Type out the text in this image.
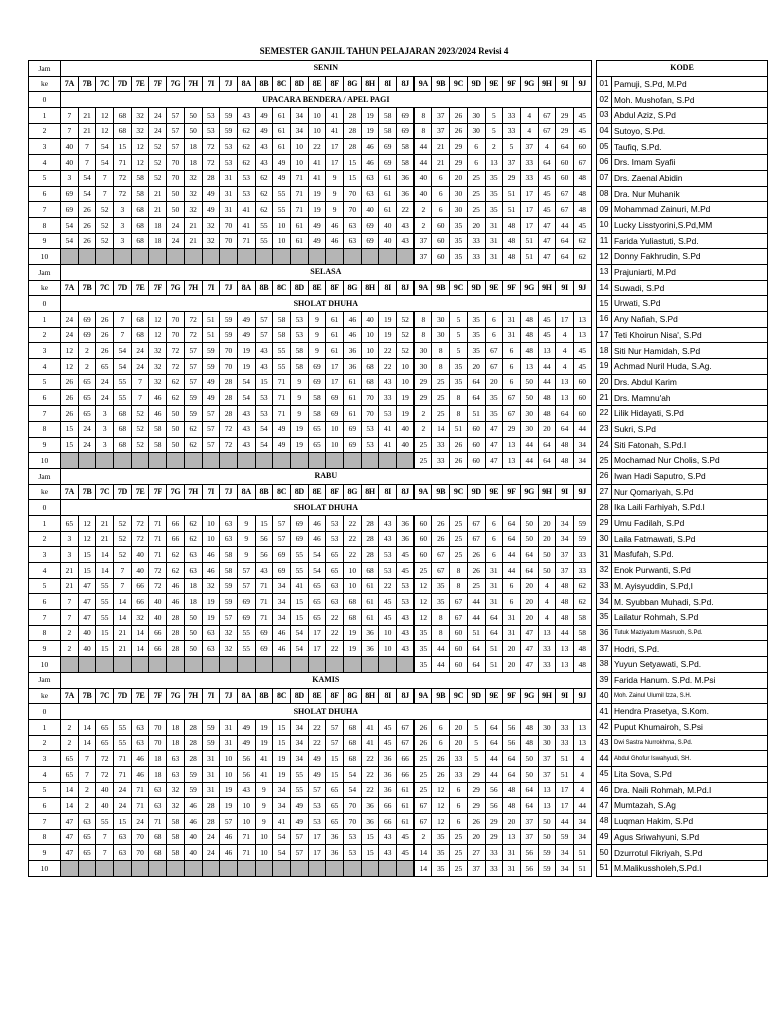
SEMESTER GANJIL TAHUN PELAJARAN 2023/2024 Revisi 4
Jam	SENIN																													
ke	7A	7B	7C	7D	7E	7F	7G	7H	7I	7J	8A	8B	8C	8D	8E	8F	8G	8H	8I	8J	9A	9B	9C	9D	9E	9F	9G	9H	9I	9J
0	UPACARA BENDERA / APEL PAGI																													
1	7	21	12	68	32	24	57	50	53	59	43	49	61	34	10	41	28	19	58	69	8	37	26	30	5	33	4	67	29	45
2	7	21	12	68	32	24	57	50	53	59	62	49	61	34	10	41	28	19	58	69	8	37	26	30	5	33	4	67	29	45
3	40	7	54	15	12	52	57	18	72	53	62	43	61	10	22	17	28	46	69	58	44	21	29	6	2	5	37	4	64	60
4	40	7	54	71	12	52	70	18	72	53	62	43	49	10	41	17	15	46	69	58	44	21	29	6	13	37	33	64	60	67
5	3	54	7	72	58	52	70	32	28	31	53	62	49	71	41	9	15	63	61	36	40	6	20	25	35	29	33	45	60	48
6	69	54	7	72	58	21	50	32	49	31	53	62	55	71	19	9	70	63	61	36	40	6	30	25	35	51	17	45	67	48
7	69	26	52	3	68	21	50	32	49	31	41	62	55	71	19	9	70	40	61	22	2	6	30	25	35	51	17	45	67	48
8	54	26	52	3	68	18	24	21	32	70	41	55	10	61	49	46	63	69	40	43	2	60	35	20	31	48	17	47	44	45
9	54	26	52	3	68	18	24	21	32	70	71	55	10	61	49	46	63	69	40	43	37	60	35	33	31	48	51	47	64	62
10																					37	60	35	33	31	48	51	47	64	62
Jam	SELASA																													
ke	7A	7B	7C	7D	7E	7F	7G	7H	7I	7J	8A	8B	8C	8D	8E	8F	8G	8H	8I	8J	9A	9B	9C	9D	9E	9F	9G	9H	9I	9J
0	SHOLAT DHUHA																													
1	24	69	26	7	68	12	70	72	51	59	49	57	58	53	9	61	46	40	19	52	8	30	5	35	6	31	48	45	17	13
2	24	69	26	7	68	12	70	72	51	59	49	57	58	53	9	61	46	10	19	52	8	30	5	35	6	31	48	45	4	13
3	12	2	26	54	24	32	72	57	59	70	19	43	55	58	9	61	36	10	22	52	30	8	5	35	67	6	48	13	4	45
4	12	2	65	54	24	32	72	57	59	70	19	43	55	58	69	17	36	68	22	10	30	8	35	20	67	6	13	44	4	45
5	26	65	24	55	7	32	62	57	49	28	54	15	71	9	69	17	61	68	43	10	29	25	35	64	20	6	50	44	13	60
6	26	65	24	55	7	46	62	59	49	28	54	53	71	9	58	69	61	70	33	19	29	25	8	64	35	67	50	48	13	60
7	26	65	3	68	52	46	50	59	57	28	43	53	71	9	58	69	61	70	53	19	2	25	8	51	35	67	30	48	64	60
8	15	24	3	68	52	58	50	62	57	72	43	54	49	19	65	10	69	53	41	40	2	14	51	60	47	29	30	20	64	44
9	15	24	3	68	52	58	50	62	57	72	43	54	49	19	65	10	69	53	41	40	25	33	26	60	47	13	44	64	48	34
10																					25	33	26	60	47	13	44	64	48	34
Jam	RABU																													
ke	7A	7B	7C	7D	7E	7F	7G	7H	7I	7J	8A	8B	8C	8D	8E	8F	8G	8H	8I	8J	9A	9B	9C	9D	9E	9F	9G	9H	9I	9J
0	SHOLAT DHUHA																													
1	65	12	21	52	72	71	66	62	10	63	9	15	57	69	46	53	22	28	43	36	60	26	25	67	6	64	50	20	34	59
2	3	12	21	52	72	71	66	62	10	63	9	56	57	69	46	53	22	28	43	36	60	26	25	67	6	64	50	20	34	59
3	3	15	14	52	40	71	62	63	46	58	9	56	69	55	54	65	22	28	53	45	60	67	25	26	6	44	64	50	37	33
4	21	15	14	7	40	72	62	63	46	58	57	43	69	55	54	65	10	68	53	45	25	67	8	26	31	44	64	50	37	33
5	21	47	55	7	66	72	46	18	32	59	57	71	34	41	65	63	10	61	22	53	12	35	8	25	31	6	20	4	48	62
6	7	47	55	14	66	40	46	18	19	59	69	71	34	15	65	63	68	61	45	53	12	35	67	44	31	6	20	4	48	62
7	7	47	55	14	32	40	28	50	19	57	69	71	34	15	65	22	68	61	45	43	12	8	67	44	64	31	20	4	48	58
8	2	40	15	21	14	66	28	50	63	32	55	69	46	54	17	22	19	36	10	43	35	8	60	51	64	31	47	13	44	58
9	2	40	15	21	14	66	28	50	63	32	55	69	46	54	17	22	19	36	10	43	35	44	60	64	51	20	47	33	13	48
10																					35	44	60	64	51	20	47	33	13	48
Jam	KAMIS																													
ke	7A	7B	7C	7D	7E	7F	7G	7H	7I	7J	8A	8B	8C	8D	8E	8F	8G	8H	8I	8J	9A	9B	9C	9D	9E	9F	9G	9H	9I	9J
0	SHOLAT DHUHA																													
1	2	14	65	55	63	70	18	28	59	31	49	19	15	34	22	57	68	41	45	67	26	6	20	5	64	56	48	30	33	13
2	2	14	65	55	63	70	18	28	59	31	49	19	15	34	22	57	68	41	45	67	26	6	20	5	64	56	48	30	33	13
3	65	7	72	71	46	18	63	28	31	10	56	41	19	34	49	15	68	22	36	66	25	26	33	5	44	64	50	37	51	4
4	65	7	72	71	46	18	63	59	31	10	56	41	19	55	49	15	54	22	36	66	25	26	33	29	44	64	50	37	51	4
5	14	2	40	24	71	63	32	59	31	19	43	9	34	55	57	65	54	22	36	61	25	12	6	29	56	48	64	13	17	4
6	14	2	40	24	71	63	32	46	28	19	10	9	34	49	53	65	70	36	66	61	67	12	6	29	56	48	64	13	17	44
7	47	63	55	15	24	71	58	46	28	57	10	9	41	49	53	65	70	36	66	61	67	12	6	26	29	20	37	50	44	34
8	47	65	7	63	70	68	58	40	24	46	71	10	54	57	17	36	53	15	43	45	2	35	25	20	29	13	37	50	59	34
9	47	65	7	63	70	68	58	40	24	46	71	10	54	57	17	36	53	15	43	45	14	35	25	27	33	31	56	59	34	51
10																					14	35	25	37	33	31	56	59	34	51
KODE	
01	Pamuji, S.Pd, M.Pd
02	Moh. Mushofan, S.Pd
03	Abdul Aziz, S.Pd
04	Sutoyo, S.Pd.
05	Taufiq, S.Pd.
06	Drs. Imam Syafii
07	Drs. Zaenal Abidin
08	Dra. Nur Muhanik
09	Mohammad Zainuri, M.Pd
10	Lucky Lisstyorini,S.Pd,MM
11	Farida Yuliastuti, S.Pd.
12	Donny Fakhrudin, S.Pd
13	Prajuniarti, M.Pd
14	Suwadi, S.Pd
15	Urwati, S.Pd
16	Any Nafiah, S.Pd
17	Teti Khoirun Nisa', S.Pd
18	Siti Nur Hamidah, S.Pd
19	Achmad Nuril Huda, S.Ag.
20	Drs. Abdul Karim
21	Drs. Mamnu'ah
22	Lilik Hidayati, S.Pd
23	Sukri, S.Pd
24	Siti Fatonah, S.Pd.I
25	Mochamad Nur Cholis, S.Pd
26	Iwan Hadi Saputro, S.Pd
27	Nur Qomariyah, S.Pd
28	Ika Laili Farhiyah, S.Pd.I
29	Umu Fadilah, S.Pd
30	Laila Fatmawati, S.Pd
31	Masfufah, S.Pd.
32	Enok Purwanti, S.Pd
33	M. Ayisyuddin, S.Pd,I
34	M. Syubban Muhadi, S.Pd.
35	Lailatur Rohmah, S.Pd
36	Tutuk Maziyatum Masruoh, S.Pd.
37	Hodri, S.Pd.
38	Yuyun Setyawati, S.Pd.
39	Farida Hanum. S.Pd. M.Psi
40	Moh. Zainul Ulumil Izza, S.H.
41	Hendra Prasetya, S.Kom.
42	Puput Khumairoh, S.Psi
43	Dwi Sastra Nurrokhma, S.Pd.
44	Abdul Ghofur Iswahyudi, SH.
45	Lita Sova, S.Pd
46	Dra. Naili Rohmah, M.Pd.I
47	Mumtazah, S.Ag
48	Luqman Hakim, S.Pd
49	Agus Sriwahyuni, S.Pd
50	Dzurrotul Fikriyah, S.Pd
51	M.Malikussholeh,S.Pd.I
